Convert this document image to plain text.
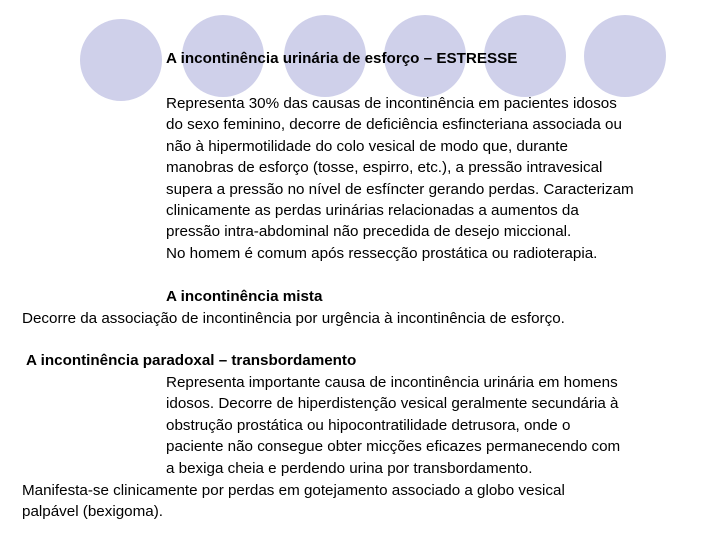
A incontinência urinária de esforço – ESTRESSE
Representa 30% das causas de incontinência em pacientes idosos
do sexo feminino, decorre de deficiência esfincteriana associada ou
não à hipermotilidade do colo vesical de modo que, durante
manobras de esforço (tosse, espirro, etc.), a pressão intravesical
supera a pressão no nível de esfíncter gerando perdas. Caracterizam
clinicamente as perdas urinárias relacionadas a aumentos da
pressão intra-abdominal não precedida de desejo miccional.
No homem é comum após ressecção prostática ou radioterapia.
A incontinência mista
Decorre da associação de incontinência por urgência à incontinência de esforço.
A incontinência paradoxal – transbordamento
Representa importante causa de incontinência urinária em homens
idosos. Decorre de hiperdistenção vesical geralmente secundária à
obstrução prostática ou hipocontratilidade detrusora, onde o
paciente não consegue obter micções eficazes permanecendo com
a bexiga cheia e perdendo urina por transbordamento.
Manifesta-se clinicamente por perdas em gotejamento associado a globo vesical
palpável (bexigoma).
